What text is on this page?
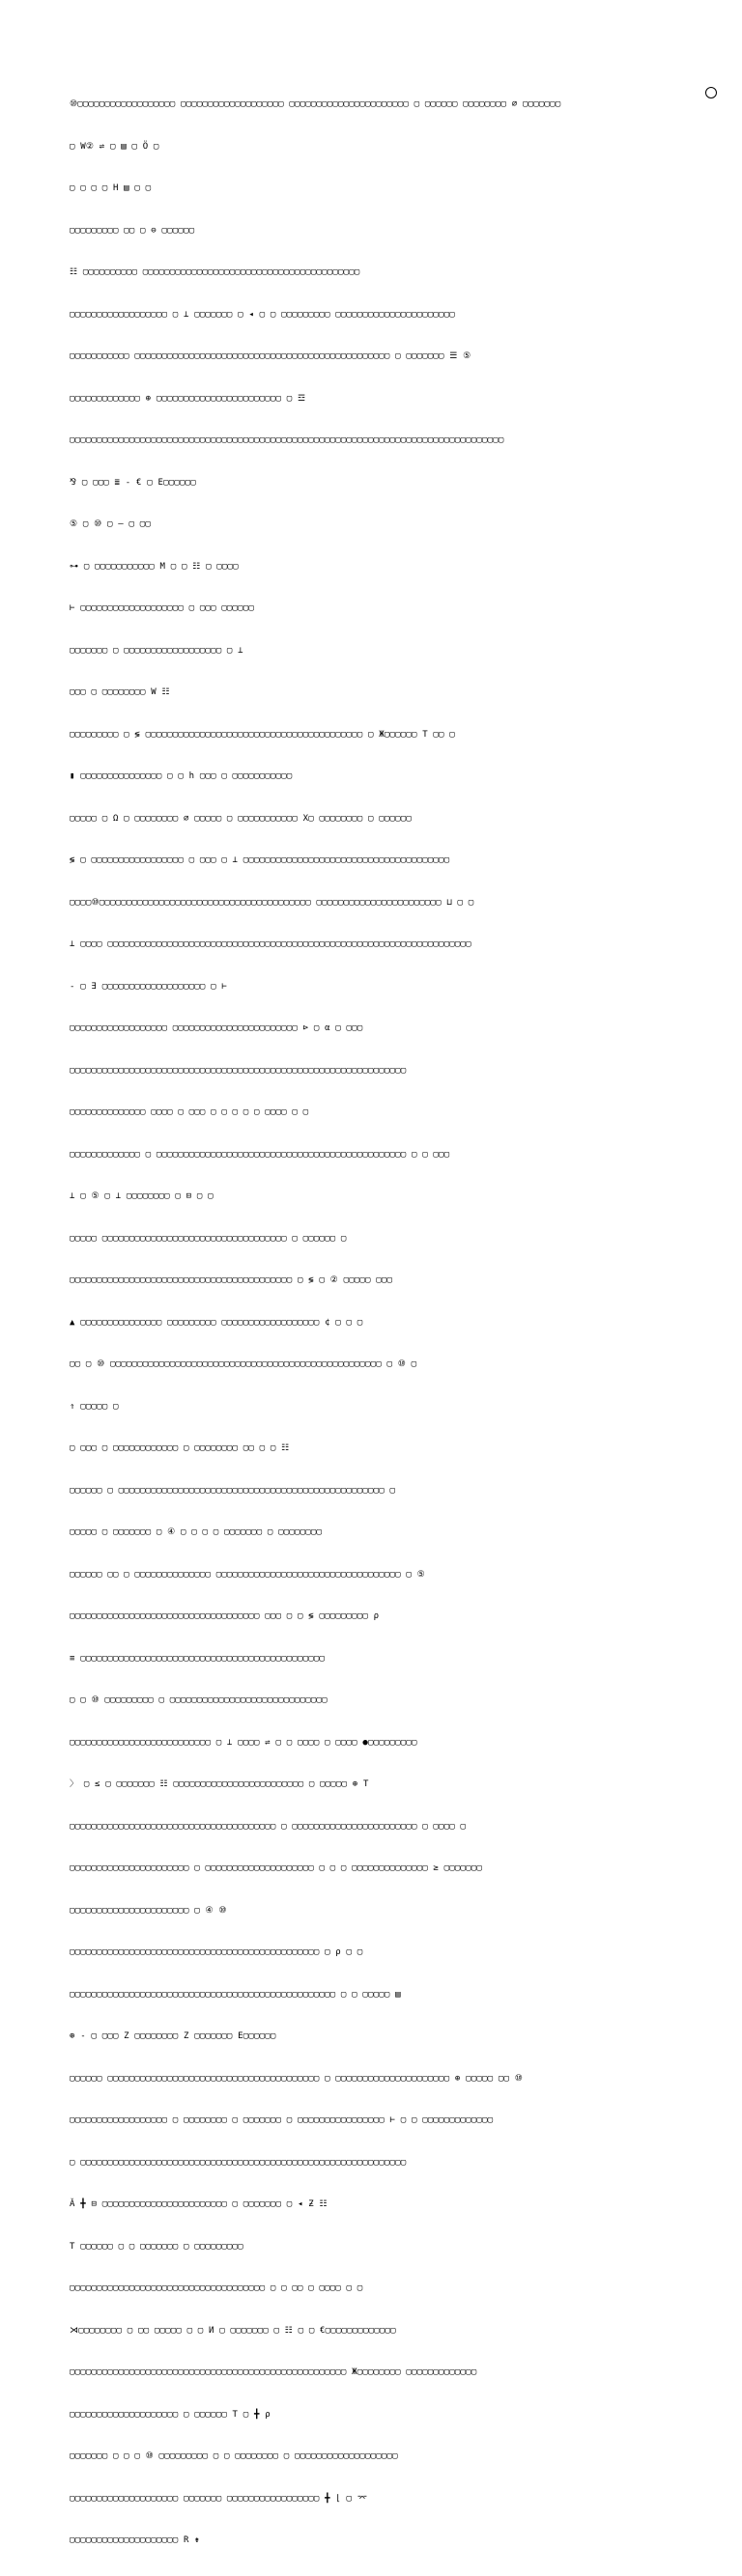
⑩▢▢▢▢▢▢▢▢▢▢▢▢▢▢▢▢▢▢ ▢▢▢▢▢▢▢▢▢▢▢▢▢▢▢▢▢▢▢ ▢▢▢▢▢▢▢▢▢▢▢▢▢▢▢▢▢▢▢▢▢▢ ▢ ▢▢▢▢▢▢ ▢▢▢▢▢▢▢▢ ∅ ▢▢▢▢▢▢▢

▢ W② ⇌ ▢ ▤ ▢ Ö ▢

▢ ▢ ▢ ▢ H ▤ ▢ ▢

▢▢▢▢▢▢▢▢▢ ▢▢ ▢ ⊖ ▢▢▢▢▢▢

☷ ▢▢▢▢▢▢▢▢▢▢ ▢▢▢▢▢▢▢▢▢▢▢▢▢▢▢▢▢▢▢▢▢▢▢▢▢▢▢▢▢▢▢▢▢▢▢▢▢▢▢▢

▢▢▢▢▢▢▢▢▢▢▢▢▢▢▢▢▢▢ ▢ ⊥ ▢▢▢▢▢▢▢ ▢ ◂ ▢ ▢ ▢▢▢▢▢▢▢▢▢ ▢▢▢▢▢▢▢▢▢▢▢▢▢▢▢▢▢▢▢▢▢▢

▢▢▢▢▢▢▢▢▢▢▢ ▢▢▢▢▢▢▢▢▢▢▢▢▢▢▢▢▢▢▢▢▢▢▢▢▢▢▢▢▢▢▢▢▢▢▢▢▢▢▢▢▢▢▢▢▢▢▢ ▢ ▢▢▢▢▢▢▢ ☰ ⑤

▢▢▢▢▢▢▢▢▢▢▢▢▢ ⊕ ▢▢▢▢▢▢▢▢▢▢▢▢▢▢▢▢▢▢▢▢▢▢▢ ▢ ☲

▢▢▢▢▢▢▢▢▢▢▢▢▢▢▢▢▢▢▢▢▢▢▢▢▢▢▢▢▢▢▢▢▢▢▢▢▢▢▢▢▢▢▢▢▢▢▢▢▢▢▢▢▢▢▢▢▢▢▢▢▢▢▢▢▢▢▢▢▢▢▢▢▢▢▢▢▢▢▢▢

⅋ ▢ ▢▢▢ ≣ - € ▢ E▢▢▢▢▢▢

⑤ ▢ ⑩ ▢ — ▢ ▢▢

⊶ ▢ ▢▢▢▢▢▢▢▢▢▢▢ M ▢ ▢ ☷ ▢ ▢▢▢▢

⊢ ▢▢▢▢▢▢▢▢▢▢▢▢▢▢▢▢▢▢▢ ▢ ▢▢▢ ▢▢▢▢▢▢

▢▢▢▢▢▢▢ ▢ ▢▢▢▢▢▢▢▢▢▢▢▢▢▢▢▢▢▢ ▢ ⊥

▢▢▢ ▢ ▢▢▢▢▢▢▢▢ W ☷

▢▢▢▢▢▢▢▢▢ ▢ ≶ ▢▢▢▢▢▢▢▢▢▢▢▢▢▢▢▢▢▢▢▢▢▢▢▢▢▢▢▢▢▢▢▢▢▢▢▢▢▢▢▢ ▢ Ж▢▢▢▢▢▢ T ▢▢ ▢

▮ ▢▢▢▢▢▢▢▢▢▢▢▢▢▢▢ ▢ ▢ h ▢▢▢ ▢ ▢▢▢▢▢▢▢▢▢▢▢

▢▢▢▢▢ ▢ Ω ▢ ▢▢▢▢▢▢▢▢ ∅ ▢▢▢▢▢ ▢ ▢▢▢▢▢▢▢▢▢▢▢ X▢ ▢▢▢▢▢▢▢▢ ▢ ▢▢▢▢▢▢

≶ ▢ ▢▢▢▢▢▢▢▢▢▢▢▢▢▢▢▢▢ ▢ ▢▢▢ ▢ ⊥ ▢▢▢▢▢▢▢▢▢▢▢▢▢▢▢▢▢▢▢▢▢▢▢▢▢▢▢▢▢▢▢▢▢▢▢▢▢▢

▢▢▢▢⑩▢▢▢▢▢▢▢▢▢▢▢▢▢▢▢▢▢▢▢▢▢▢▢▢▢▢▢▢▢▢▢▢▢▢▢▢▢▢▢ ▢▢▢▢▢▢▢▢▢▢▢▢▢▢▢▢▢▢▢▢▢▢▢ ⊔ ▢ ▢

⊥ ▢▢▢▢ ▢▢▢▢▢▢▢▢▢▢▢▢▢▢▢▢▢▢▢▢▢▢▢▢▢▢▢▢▢▢▢▢▢▢▢▢▢▢▢▢▢▢▢▢▢▢▢▢▢▢▢▢▢▢▢▢▢▢▢▢▢▢▢▢▢▢▢

- ▢ ∃ ▢▢▢▢▢▢▢▢▢▢▢▢▢▢▢▢▢▢▢ ▢ ⊢

▢▢▢▢▢▢▢▢▢▢▢▢▢▢▢▢▢▢ ▢▢▢▢▢▢▢▢▢▢▢▢▢▢▢▢▢▢▢▢▢▢▢ ⊳ ▢ α ▢ ▢▢▢

▢▢▢▢▢▢▢▢▢▢▢▢▢▢▢▢▢▢▢▢▢▢▢▢▢▢▢▢▢▢▢▢▢▢▢▢▢▢▢▢▢▢▢▢▢▢▢▢▢▢▢▢▢▢▢▢▢▢▢▢▢▢

▢▢▢▢▢▢▢▢▢▢▢▢▢▢ ▢▢▢▢ ▢ ▢▢▢ ▢ ▢ ▢ ▢ ▢ ▢▢▢▢ ▢ ▢

▢▢▢▢▢▢▢▢▢▢▢▢▢ ▢ ▢▢▢▢▢▢▢▢▢▢▢▢▢▢▢▢▢▢▢▢▢▢▢▢▢▢▢▢▢▢▢▢▢▢▢▢▢▢▢▢▢▢▢▢▢▢ ▢ ▢ ▢▢▢

⊥ ▢ ⑤ ▢ ⊥ ▢▢▢▢▢▢▢▢ ▢ ⊟ ▢ ▢

▢▢▢▢▢ ▢▢▢▢▢▢▢▢▢▢▢▢▢▢▢▢▢▢▢▢▢▢▢▢▢▢▢▢▢▢▢▢▢▢ ▢ ▢▢▢▢▢▢ ▢

▢▢▢▢▢▢▢▢▢▢▢▢▢▢▢▢▢▢▢▢▢▢▢▢▢▢▢▢▢▢▢▢▢▢▢▢▢▢▢▢▢ ▢ ≶ ▢ ② ▢▢▢▢▢ ▢▢▢

▲ ▢▢▢▢▢▢▢▢▢▢▢▢▢▢▢ ▢▢▢▢▢▢▢▢▢ ▢▢▢▢▢▢▢▢▢▢▢▢▢▢▢▢▢▢ ¢ ▢ ▢ ▢

▢▢ ▢ ⑩ ▢▢▢▢▢▢▢▢▢▢▢▢▢▢▢▢▢▢▢▢▢▢▢▢▢▢▢▢▢▢▢▢▢▢▢▢▢▢▢▢▢▢▢▢▢▢▢▢▢▢ ▢ ⑩ ▢

⇑ ▢▢▢▢▢ ▢

▢ ▢▢▢ ▢ ▢▢▢▢▢▢▢▢▢▢▢▢ ▢ ▢▢▢▢▢▢▢▢ ▢▢ ▢ ▢ ☷

▢▢▢▢▢▢ ▢ ▢▢▢▢▢▢▢▢▢▢▢▢▢▢▢▢▢▢▢▢▢▢▢▢▢▢▢▢▢▢▢▢▢▢▢▢▢▢▢▢▢▢▢▢▢▢▢▢▢ ▢

▢▢▢▢▢ ▢ ▢▢▢▢▢▢▢ ▢ ④ ▢ ▢ ▢ ▢ ▢▢▢▢▢▢▢ ▢ ▢▢▢▢▢▢▢▢

▢▢▢▢▢▢ ▢▢ ▢ ▢▢▢▢▢▢▢▢▢▢▢▢▢▢ ▢▢▢▢▢▢▢▢▢▢▢▢▢▢▢▢▢▢▢▢▢▢▢▢▢▢▢▢▢▢▢▢▢▢ ▢ ⑤

▢▢▢▢▢▢▢▢▢▢▢▢▢▢▢▢▢▢▢▢▢▢▢▢▢▢▢▢▢▢▢▢▢▢▢ ▢▢▢ ▢ ▢ ≶ ▢▢▢▢▢▢▢▢▢ ρ

≡ ▢▢▢▢▢▢▢▢▢▢▢▢▢▢▢▢▢▢▢▢▢▢▢▢▢▢▢▢▢▢▢▢▢▢▢▢▢▢▢▢▢▢▢▢▢

▢ ▢ ⑩ ▢▢▢▢▢▢▢▢▢ ▢ ▢▢▢▢▢▢▢▢▢▢▢▢▢▢▢▢▢▢▢▢▢▢▢▢▢▢▢▢▢

▢▢▢▢▢▢▢▢▢▢▢▢▢▢▢▢▢▢▢▢▢▢▢▢▢▢ ▢ ⊥ ▢▢▢▢ ⇌ ▢ ▢ ▢▢▢▢ ▢ ▢▢▢▢ ●▢▢▢▢▢▢▢▢▢

〉 ▢ ≤ ▢ ▢▢▢▢▢▢▢ ☷ ▢▢▢▢▢▢▢▢▢▢▢▢▢▢▢▢▢▢▢▢▢▢▢▢ ▢ ▢▢▢▢▢ ⊕ T

▢▢▢▢▢▢▢▢▢▢▢▢▢▢▢▢▢▢▢▢▢▢▢▢▢▢▢▢▢▢▢▢▢▢▢▢▢▢ ▢ ▢▢▢▢▢▢▢▢▢▢▢▢▢▢▢▢▢▢▢▢▢▢▢ ▢ ▢▢▢▢ ▢

▢▢▢▢▢▢▢▢▢▢▢▢▢▢▢▢▢▢▢▢▢▢ ▢ ▢▢▢▢▢▢▢▢▢▢▢▢▢▢▢▢▢▢▢▢ ▢ ▢ ▢ ▢▢▢▢▢▢▢▢▢▢▢▢▢▢ ≥ ▢▢▢▢▢▢▢

▢▢▢▢▢▢▢▢▢▢▢▢▢▢▢▢▢▢▢▢▢▢ ▢ ④ ⑩

▢▢▢▢▢▢▢▢▢▢▢▢▢▢▢▢▢▢▢▢▢▢▢▢▢▢▢▢▢▢▢▢▢▢▢▢▢▢▢▢▢▢▢▢▢▢ ▢ ρ ▢ ▢

▢▢▢▢▢▢▢▢▢▢▢▢▢▢▢▢▢▢▢▢▢▢▢▢▢▢▢▢▢▢▢▢▢▢▢▢▢▢▢▢▢▢▢▢▢▢▢▢▢ ▢ ▢ ▢▢▢▢▢ ▤

⊕ - ▢ ▢▢▢ Z ▢▢▢▢▢▢▢▢ Z ▢▢▢▢▢▢▢ E▢▢▢▢▢▢

▢▢▢▢▢▢ ▢▢▢▢▢▢▢▢▢▢▢▢▢▢▢▢▢▢▢▢▢▢▢▢▢▢▢▢▢▢▢▢▢▢▢▢▢▢▢ ▢ ▢▢▢▢▢▢▢▢▢▢▢▢▢▢▢▢▢▢▢▢▢ ⊕ ▢▢▢▢▢ ▢▢ ⑩

▢▢▢▢▢▢▢▢▢▢▢▢▢▢▢▢▢▢ ▢ ▢▢▢▢▢▢▢▢ ▢ ▢▢▢▢▢▢▢ ▢ ▢▢▢▢▢▢▢▢▢▢▢▢▢▢▢▢ ⊢ ▢ ▢ ▢▢▢▢▢▢▢▢▢▢▢▢▢

▢ ▢▢▢▢▢▢▢▢▢▢▢▢▢▢▢▢▢▢▢▢▢▢▢▢▢▢▢▢▢▢▢▢▢▢▢▢▢▢▢▢▢▢▢▢▢▢▢▢▢▢▢▢▢▢▢▢▢▢▢▢

Ă ╋ ⊟ ▢▢▢▢▢▢▢▢▢▢▢▢▢▢▢▢▢▢▢▢▢▢▢ ▢ ▢▢▢▢▢▢▢ ▢ ◂ Ƶ ☷

T ▢▢▢▢▢▢ ▢ ▢ ▢▢▢▢▢▢▢ ▢ ▢▢▢▢▢▢▢▢▢

▢▢▢▢▢▢▢▢▢▢▢▢▢▢▢▢▢▢▢▢▢▢▢▢▢▢▢▢▢▢▢▢▢▢▢▢ ▢ ▢ ▢▢ ▢ ▢▢▢▢ ▢ ▢

⋊▢▢▢▢▢▢▢▢ ▢ ▢▢ ▢▢▢▢▢ ▢ ▢ И ▢ ▢▢▢▢▢▢▢ ▢ ☷ ▢ ▢ €▢▢▢▢▢▢▢▢▢▢▢▢▢

▢▢▢▢▢▢▢▢▢▢▢▢▢▢▢▢▢▢▢▢▢▢▢▢▢▢▢▢▢▢▢▢▢▢▢▢▢▢▢▢▢▢▢▢▢▢▢▢▢▢▢ Ж▢▢▢▢▢▢▢▢ ▢▢▢▢▢▢▢▢▢▢▢▢▢

▢▢▢▢▢▢▢▢▢▢▢▢▢▢▢▢▢▢▢▢ ▢ ▢▢▢▢▢▢ T ▢ ╋ ρ

▢▢▢▢▢▢▢ ▢ ▢ ▢ ⑩ ▢▢▢▢▢▢▢▢▢ ▢ ▢ ▢▢▢▢▢▢▢▢ ▢ ▢▢▢▢▢▢▢▢▢▢▢▢▢▢▢▢▢▢▢

▢▢▢▢▢▢▢▢▢▢▢▢▢▢▢▢▢▢▢▢ ▢▢▢▢▢▢▢ ▢▢▢▢▢▢▢▢▢▢▢▢▢▢▢▢▢ ╋ ⌊ ▢ ⌤

▢▢▢▢▢▢▢▢▢▢▢▢▢▢▢▢▢▢▢▢ R ⇟
